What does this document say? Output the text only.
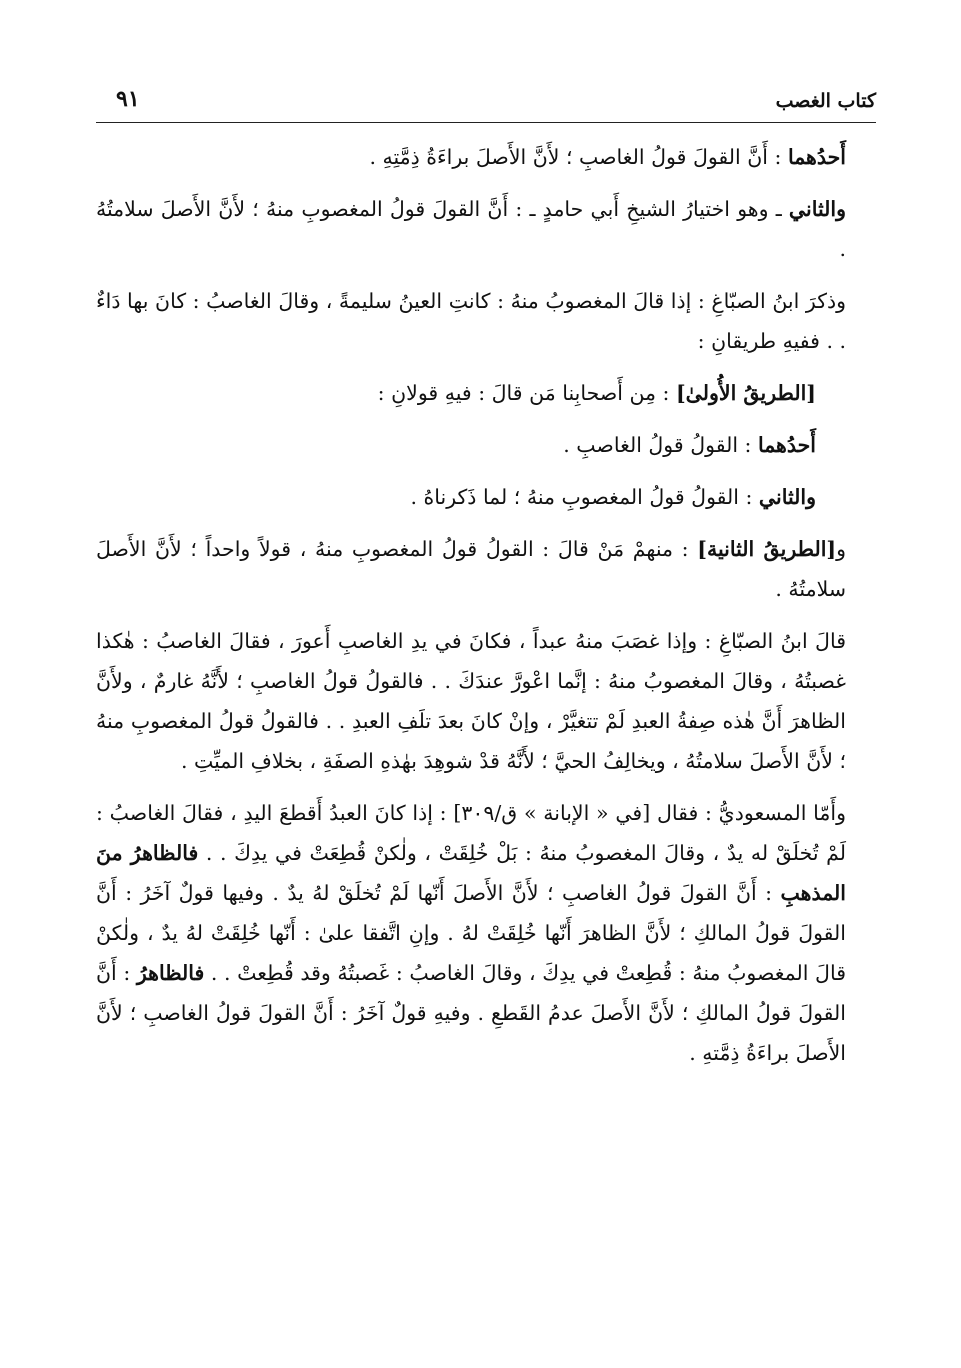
كتاب الغصب
٩١

أَحدُهما : أَنَّ القولَ قولُ الغاصبِ ؛ لأَنَّ الأَصلَ براءَةُ ذِمَّتِهِ .

والثاني ـ وهو اختيارُ الشيخِ أَبي حامدٍ ـ : أَنَّ القولَ قولُ المغصوبِ منهُ ؛ لأَنَّ الأَصلَ سلامتُهُ .

وذكرَ ابنُ الصبّاغِ : إذا قالَ المغصوبُ منهُ : كانتِ العينُ سليمةً ، وقالَ الغاصبُ : كانَ بها دَاءٌ . . ففيهِ طريقانِ :

[الطريقُ الأُولىٰ] : مِن أَصحابِنا مَن قالَ : فيهِ قولانِ :

أَحدُهما : القولُ قولُ الغاصبِ .

والثاني : القولُ قولُ المغصوبِ منهُ ؛ لما ذَكرناهُ .

و[الطريقُ الثانية] : منهمْ مَنْ قالَ : القولُ قولُ المغصوبِ منهُ ، قولاً واحداً ؛ لأَنَّ الأَصلَ سلامتُهُ .

قالَ ابنُ الصبّاغِ : وإذا غصَبَ منهُ عبداً ، فكانَ في يدِ الغاصبِ أَعورَ ، فقالَ الغاصبُ : هٰكذا غصبتُهُ ، وقالَ المغصوبُ منهُ : إنَّما اعْورَّ عندَكَ . . فالقولُ قولُ الغاصبِ ؛ لأَنَّهُ غارمٌ ، ولأَنَّ الظاهرَ أَنَّ هٰذه صِفةُ العبدِ لَمْ تتغيَّرْ ، وإنْ كانَ بعدَ تلَفِ العبدِ . . فالقولُ قولُ المغصوبِ منهُ ؛ لأَنَّ الأَصلَ سلامتُهُ ، ويخالِفُ الحيَّ ؛ لأَنَّهُ قدْ شوهِدَ بهٰذهِ الصفَةِ ، بخلافِ الميِّتِ .

وأَمّا المسعوديُّ : فقال [في « الإبانة » ق/٣٠٩] : إذا كانَ العبدُ أَقطعَ اليدِ ، فقالَ الغاصبُ : لَمْ تُخلَقْ له يدٌ ، وقالَ المغصوبُ منهُ : بَلْ خُلِقَتْ ، ولٰكنْ قُطِعَتْ في يدِكَ . . فالظاهرُ منَ المذهبِ : أَنَّ القولَ قولُ الغاصبِ ؛ لأَنَّ الأَصلَ أَنّها لَمْ تُخلَقْ لهُ يدٌ . وفيها قولٌ آخَرُ : أَنَّ القولَ قولُ المالكِ ؛ لأَنَّ الظاهرَ أَنّها خُلِقَتْ لهُ . وإنِ اتَّفقا علىٰ : أَنّها خُلِقَتْ لهُ يدٌ ، ولٰكنْ قالَ المغصوبُ منهُ : قُطِعتْ في يدِكَ ، وقالَ الغاصبُ : غَصبتُهُ وقد قُطِعتْ . . فالظاهرُ : أَنَّ القولَ قولُ المالكِ ؛ لأَنَّ الأَصلَ عدمُ القَطعِ . وفيهِ قولٌ آخَرُ : أَنَّ القولَ قولُ الغاصبِ ؛ لأَنَّ الأَصلَ براءَةُ ذِمَّتهِ .
